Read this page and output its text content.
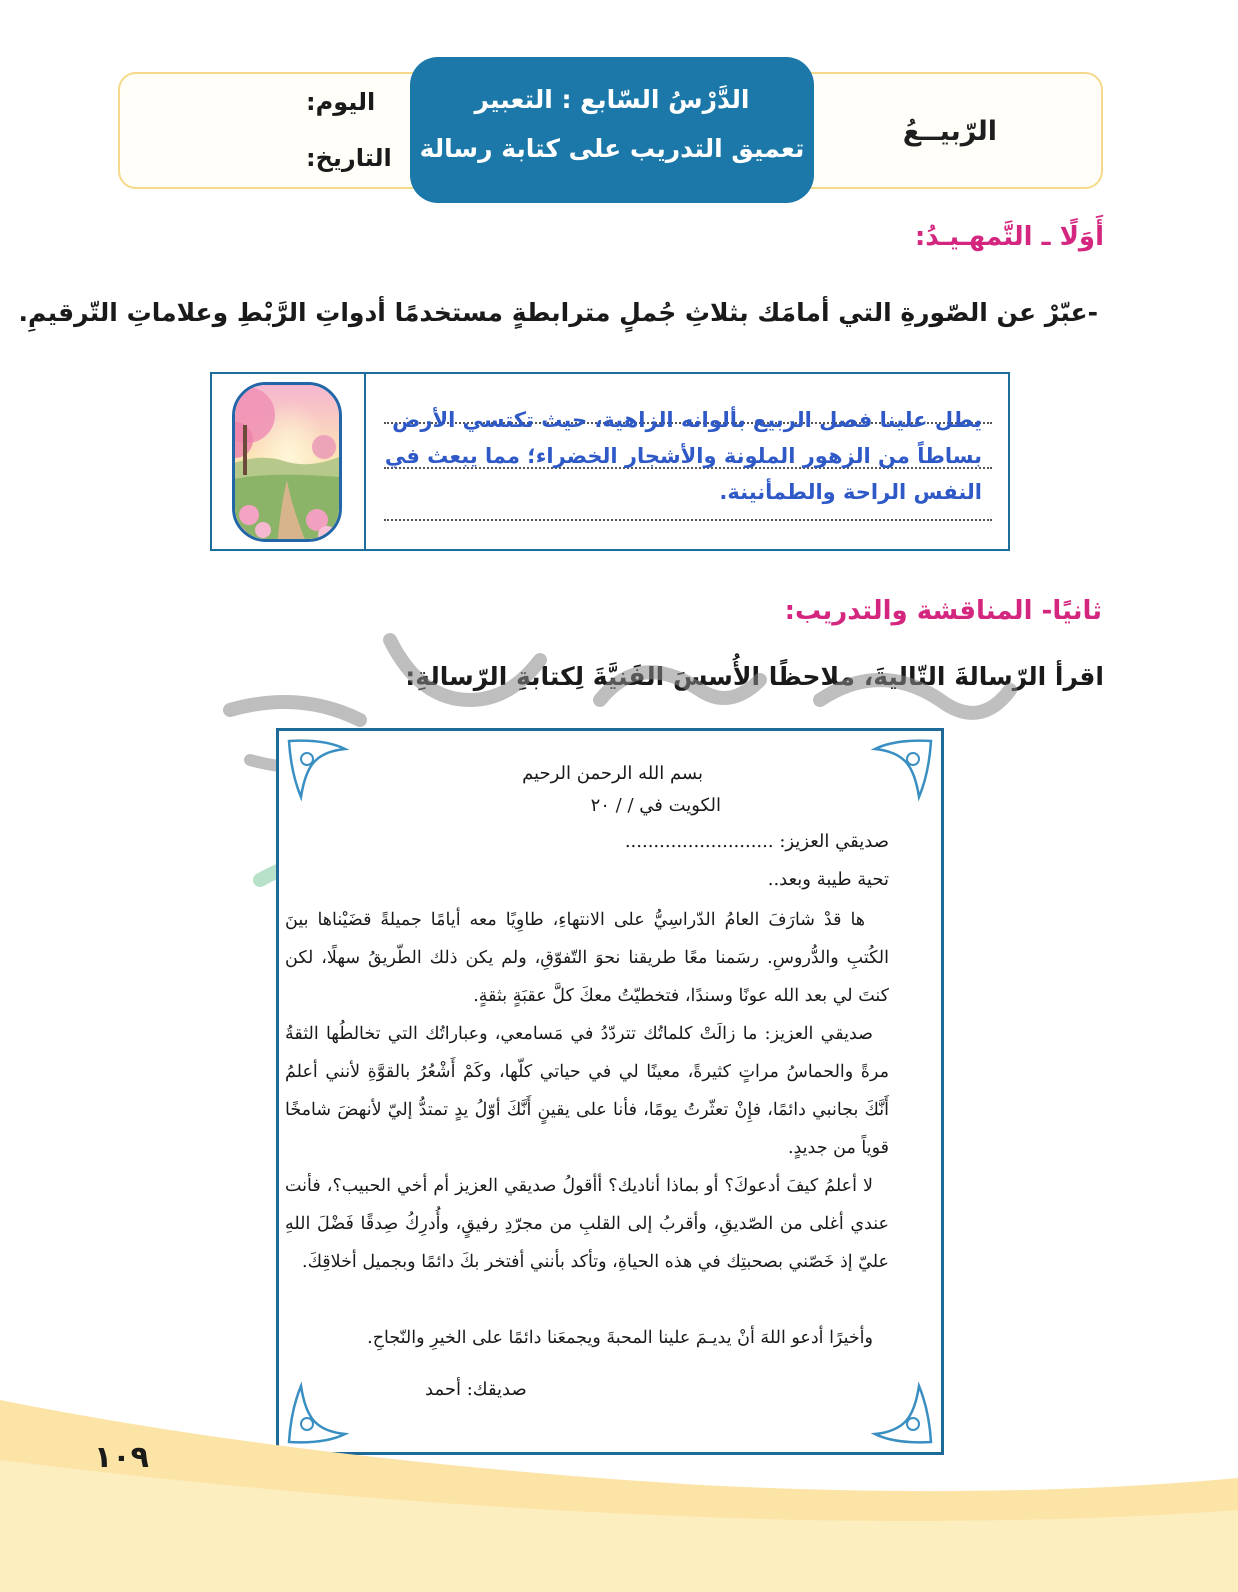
الرّبيــعُ
اليوم:
التاريخ:
الدَّرْسُ السّابع : التعبير
تعميق التدريب على كتابة رسالة
أَوَلًا ـ التَّمهـيـدُ:
-عبّرْ عن الصّورةِ التي أمامَك بثلاثِ جُملٍ مترابطةٍ مستخدمًا أدواتِ الرَّبْطِ وعلاماتِ التّرقيمِ.
يطل علينا فصل الربيع بألوانه الزاهية، حيث تكتسي الأرض بساطاً من الزهور الملونة والأشجار الخضراء؛ مما يبعث في النفس الراحة والطمأنينة.
ثانيًا- المناقشة والتدريب:
اقرأ الرّسالةَ التّاليةَ، ملاحظًا الأُسسَ الفَنيَّةَ لِكتابةِ الرّسالةِ:
بسم الله الرحمن الرحيم
الكويت في / / ٢٠
صديقي العزيز: ..........................
تحية طيبة وبعد..
ها قدْ شارَفَ العامُ الدّراسِيُّ على الانتهاءِ، طاوِيًا معه أيامًا جميلةً قضَيْناها بينَ الكُتبِ والدُّروسِ. رسَمنا معًا طريقنا نحوَ التّفوّقِ، ولم يكن ذلك الطّريقُ سهلًا، لكن كنتَ لي بعد الله عونًا وسندًا، فتخطيّتُ معكَ كلَّ عقبَةٍ بثقةٍ.
صديقي العزيز: ما زالَتْ كلماتُك تتردّدُ في مَسامعي، وعباراتُك التي تخالطُها الثقةُ مرةً والحماسُ مراتٍ كثيرةً، معينًا لي في حياتي كلّها، وكَمْ أَشْعُرُ بالقوَّةِ لأنني أعلمُ أَنَّكَ بجانبي دائمًا، فإِنْ تعثّرتُ يومًا، فأنا على يقينٍ أَنَّكَ أوّلُ يدٍ تمتدُّ إليّ لأنهضَ شامخًا قوياً من جديدٍ.
لا أعلمُ كيفَ أدعوكَ؟ أو بماذا أناديك؟ أأقولُ صديقي العزيز أم أخي الحبيب؟، فأنت عندي أغلى من الصّديقِ، وأقربُ إلى القلبِ من مجرّدِ رفيقٍ، وأُدرِكُ صِدقًا فَضْلَ اللهِ عليّ إذ خَصّني بصحبتِك في هذه الحياةِ، وتأكد بأنني أفتخر بكَ دائمًا وبجميل أخلاقِكَ.
وأخيرًا أدعو اللهَ أنْ يديـمَ علينا المحبةَ ويجمعَنا دائمًا على الخيرِ والنّجاحِ.
صديقك: أحمد
١٠٩
